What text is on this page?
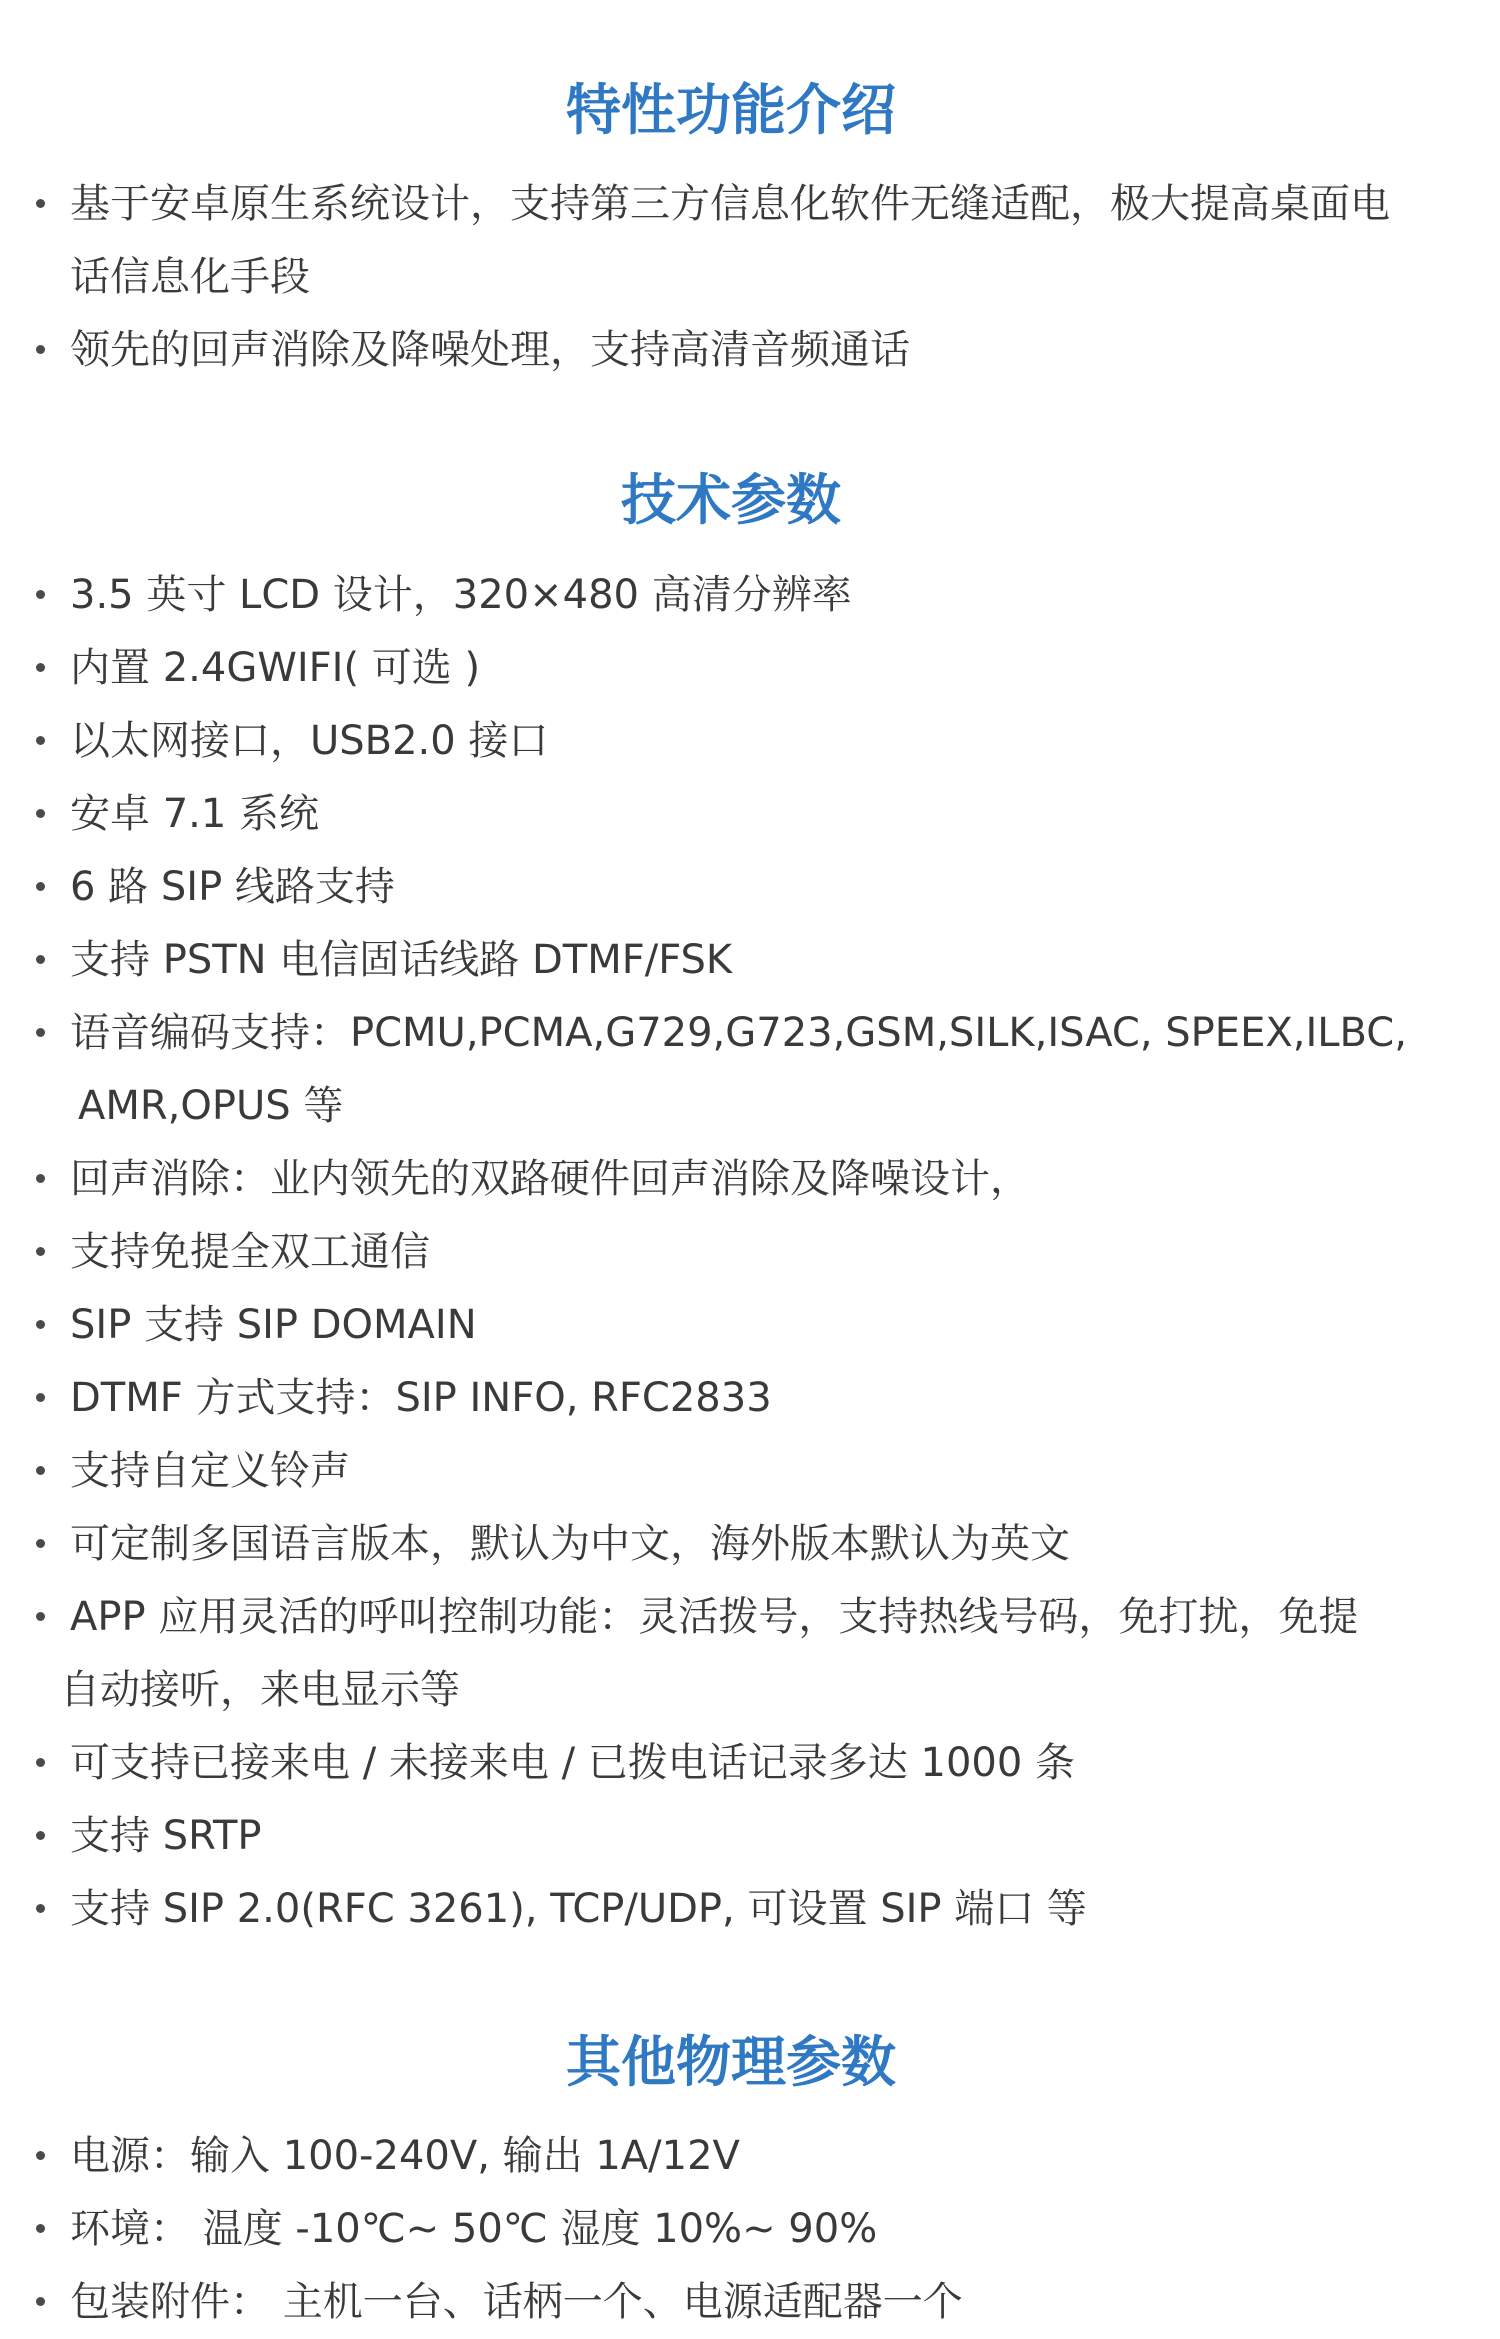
特性功能介绍
基于安卓原生系统设计，支持第三方信息化软件无缝适配，极大提高桌面电
话信息化手段
领先的回声消除及降噪处理，支持高清音频通话
技术参数
3.5 英寸 LCD 设计，320×480 高清分辨率
内置 2.4GWIFI( 可选 )
以太网接口，USB2.0 接口
安卓 7.1 系统
6 路 SIP 线路支持
支持 PSTN 电信固话线路 DTMF/FSK
语音编码支持：PCMU,PCMA,G729,G723,GSM,SILK,ISAC, SPEEX,ILBC,
AMR,OPUS 等
回声消除：业内领先的双路硬件回声消除及降噪设计，
支持免提全双工通信
SIP 支持 SIP DOMAIN
DTMF 方式支持：SIP INFO, RFC2833
支持自定义铃声
可定制多国语言版本，默认为中文，海外版本默认为英文
APP 应用灵活的呼叫控制功能：灵活拨号，支持热线号码，免打扰，免提
自动接听，来电显示等
可支持已接来电 / 未接来电 / 已拨电话记录多达 1000 条
支持 SRTP
支持 SIP 2.0(RFC 3261), TCP/UDP, 可设置 SIP 端口 等
其他物理参数
电源：输入 100-240V, 输出 1A/12V
环境： 温度 -10℃~ 50℃ 湿度 10%~ 90%
包装附件： 主机一台、话柄一个、电源适配器一个
